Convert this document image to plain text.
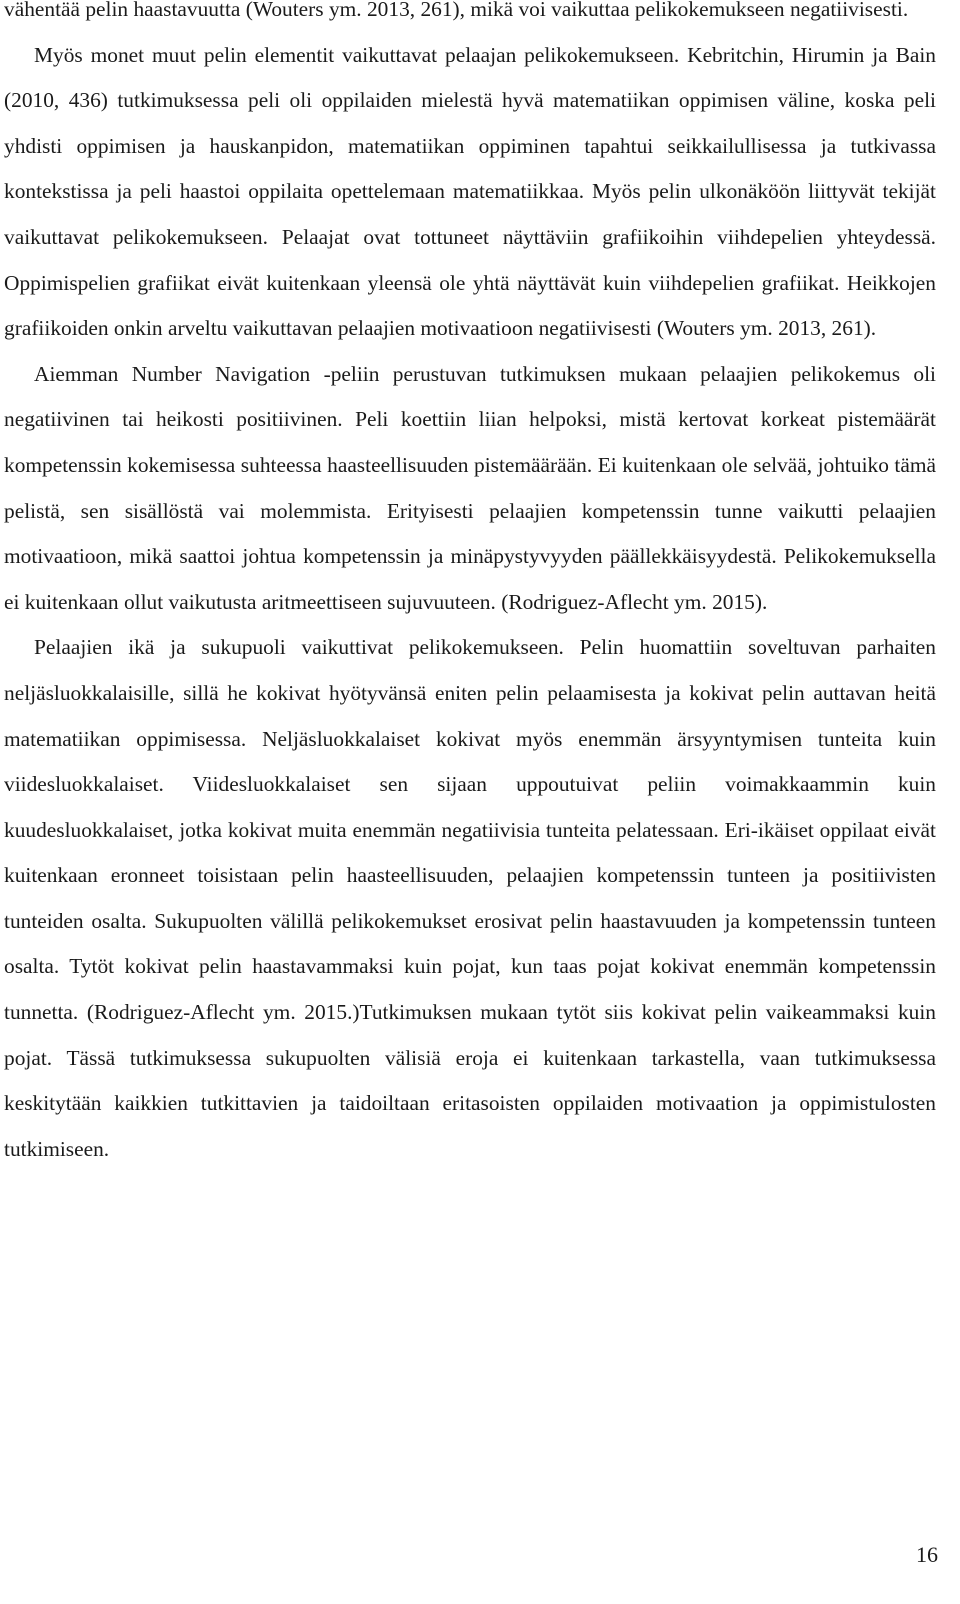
vähentää pelin haastavuutta (Wouters ym. 2013, 261), mikä voi vaikuttaa pelikokemukseen negatiivisesti.

Myös monet muut pelin elementit vaikuttavat pelaajan pelikokemukseen. Kebritchin, Hirumin ja Bain (2010, 436) tutkimuksessa peli oli oppilaiden mielestä hyvä matematiikan oppimisen väline, koska peli yhdisti oppimisen ja hauskanpidon, matematiikan oppiminen tapahtui seikkailullisessa ja tutkivassa kontekstissa ja peli haastoi oppilaita opettelemaan matematiikkaa. Myös pelin ulkonäköön liittyvät tekijät vaikuttavat pelikokemukseen. Pelaajat ovat tottuneet näyttäviin grafiikoihin viihdepelien yhteydessä. Oppimispelien grafiikat eivät kuitenkaan yleensä ole yhtä näyttävät kuin viihdepelien grafiikat. Heikkojen grafiikoiden onkin arveltu vaikuttavan pelaajien motivaatioon negatiivisesti (Wouters ym. 2013, 261).

Aiemman Number Navigation -peliin perustuvan tutkimuksen mukaan pelaajien pelikokemus oli negatiivinen tai heikosti positiivinen. Peli koettiin liian helpoksi, mistä kertovat korkeat pistemäärät kompetenssin kokemisessa suhteessa haasteellisuuden pistemäärään. Ei kuitenkaan ole selvää, johtuiko tämä pelistä, sen sisällöstä vai molemmista. Erityisesti pelaajien kompetenssin tunne vaikutti pelaajien motivaatioon, mikä saattoi johtua kompetenssin ja minäpystyvyyden päällekkäisyydestä. Pelikokemuksella ei kuitenkaan ollut vaikutusta aritmeettiseen sujuvuuteen. (Rodriguez-Aflecht ym. 2015).

Pelaajien ikä ja sukupuoli vaikuttivat pelikokemukseen. Pelin huomattiin soveltuvan parhaiten neljäsluokkalaisille, sillä he kokivat hyötyvänsä eniten pelin pelaamisesta ja kokivat pelin auttavan heitä matematiikan oppimisessa. Neljäsluokkalaiset kokivat myös enemmän ärsyyntymisen tunteita kuin viidesluokkalaiset. Viidesluokkalaiset sen sijaan uppoutuivat peliin voimakkaammin kuin kuudesluokkalaiset, jotka kokivat muita enemmän negatiivisia tunteita pelatessaan. Eri-ikäiset oppilaat eivät kuitenkaan eronneet toisistaan pelin haasteellisuuden, pelaajien kompetenssin tunteen ja positiivisten tunteiden osalta. Sukupuolten välillä pelikokemukset erosivat pelin haastavuuden ja kompetenssin tunteen osalta. Tytöt kokivat pelin haastavammaksi kuin pojat, kun taas pojat kokivat enemmän kompetenssin tunnetta. (Rodriguez-Aflecht ym. 2015.)Tutkimuksen mukaan tytöt siis kokivat pelin vaikeammaksi kuin pojat. Tässä tutkimuksessa sukupuolten välisiä eroja ei kuitenkaan tarkastella, vaan tutkimuksessa keskitytään kaikkien tutkittavien ja taidoiltaan eritasoisten oppilaiden motivaation ja oppimistulosten tutkimiseen.

16
